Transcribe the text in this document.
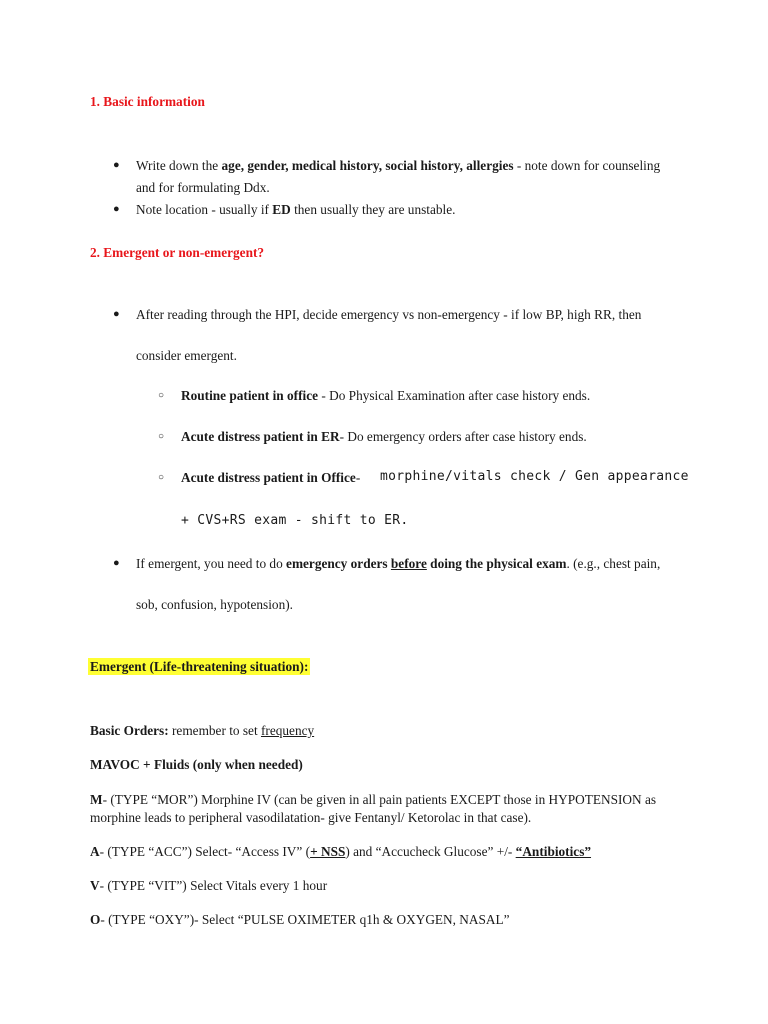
1. Basic information
● Write down the age, gender, medical history, social history, allergies - note down for counseling
and for formulating Ddx.
● Note location - usually if ED then usually they are unstable.
2. Emergent or non-emergent?
● After reading through the HPI, decide emergency vs non-emergency - if low BP, high RR, then
consider emergent.
○ Routine patient in office - Do Physical Examination after case history ends.
○ Acute distress patient in ER- Do emergency orders after case history ends.
○ Acute distress patient in Office- morphine/vitals check / Gen appearance
+ CVS+RS exam - shift to ER.
● If emergent, you need to do emergency orders before doing the physical exam. (e.g., chest pain,
sob, confusion, hypotension).
Emergent (Life-threatening situation):
Basic Orders: remember to set frequency
MAVOC + Fluids (only when needed)
M- (TYPE “MOR”) Morphine IV (can be given in all pain patients EXCEPT those in HYPOTENSION as
morphine leads to peripheral vasodilatation- give Fentanyl/ Ketorolac in that case).
A- (TYPE “ACC”) Select- “Access IV” (+ NSS) and “Accucheck Glucose” +/- “Antibiotics”
V- (TYPE “VIT”) Select Vitals every 1 hour
O- (TYPE “OXY”)- Select “PULSE OXIMETER q1h & OXYGEN, NASAL”
